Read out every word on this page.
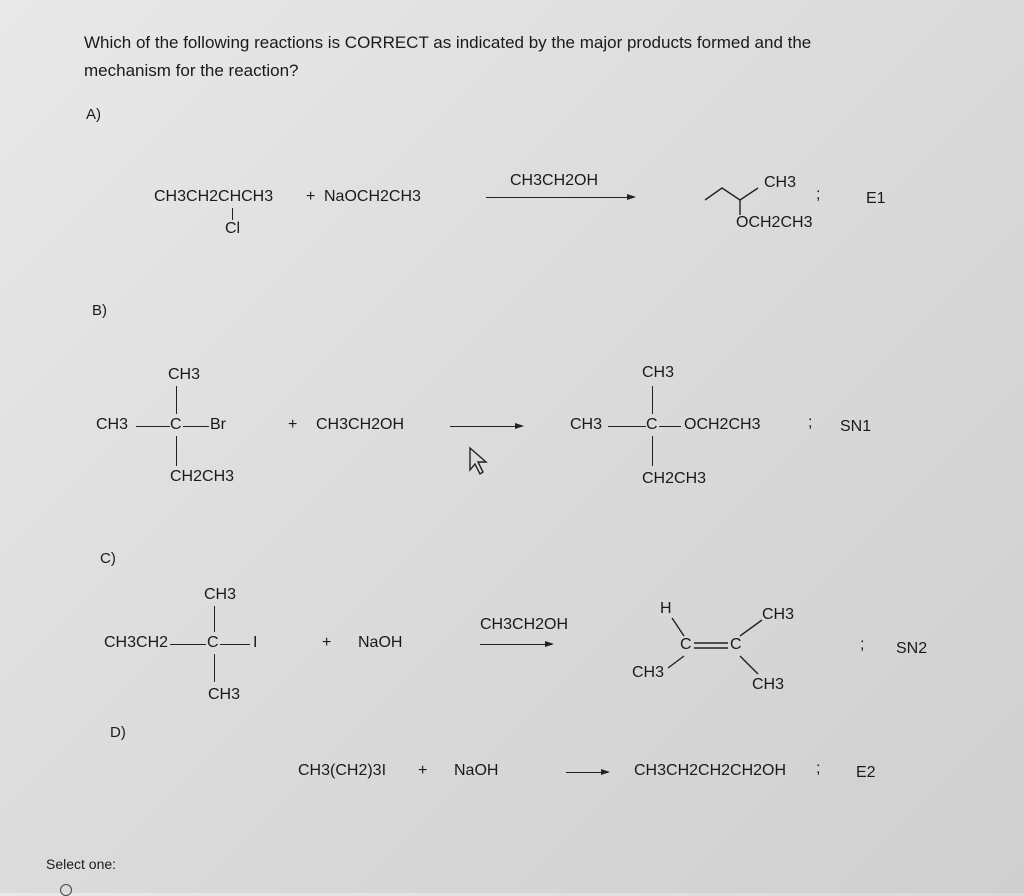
Which of the following reactions is CORRECT as indicated by the major products formed and the
mechanism for the reaction?
A)
CH3CH2CHCH3
Cl
+ NaOCH2CH3
CH3CH2OH	CH3
OCH2CH3
;	E1
B)
CH3
CH3	C Br
CH2CH3
+ CH3CH2OH
CH3
CH3	C OCH2CH3
CH2CH3
; SN1
C)
CH3
CH3CH2 C I
CH3
+ NaOH
CH3CH2OH
H	CH3
C C
CH3
CH3
; SN2
D)
CH3(CH2)3I + NaOH	CH3CH2CH2CH2OH ; E2
Select one:
